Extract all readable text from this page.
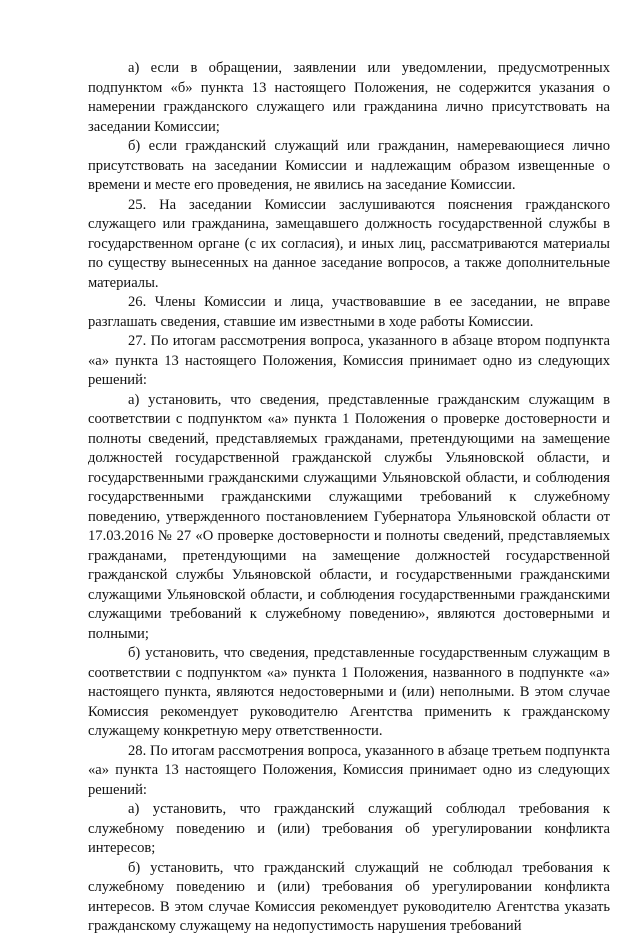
а) если в обращении, заявлении или уведомлении, предусмотренных подпунктом «б» пункта 13 настоящего Положения, не содержится указания о намерении гражданского служащего или гражданина лично присутствовать на заседании Комиссии;

б) если гражданский служащий или гражданин, намеревающиеся лично присутствовать на заседании Комиссии и надлежащим образом извещенные о времени и месте его проведения, не явились на заседание Комиссии.

25. На заседании Комиссии заслушиваются пояснения гражданского служащего или гражданина, замещавшего должность государственной службы в государственном органе (с их согласия), и иных лиц, рассматриваются материалы по существу вынесенных на данное заседание вопросов, а также дополнительные материалы.

26. Члены Комиссии и лица, участвовавшие в ее заседании, не вправе разглашать сведения, ставшие им известными в ходе работы Комиссии.

27. По итогам рассмотрения вопроса, указанного в абзаце втором подпункта «а» пункта 13 настоящего Положения, Комиссия принимает одно из следующих решений:

а) установить, что сведения, представленные гражданским служащим в соответствии с подпунктом «а» пункта 1 Положения о проверке достоверности и полноты сведений, представляемых гражданами, претендующими на замещение должностей государственной гражданской службы Ульяновской области, и государственными гражданскими служащими Ульяновской области, и соблюдения государственными гражданскими служащими требований к служебному поведению, утвержденного постановлением Губернатора Ульяновской области от 17.03.2016 № 27 «О проверке достоверности и полноты сведений, представляемых гражданами, претендующими на замещение должностей государственной гражданской службы Ульяновской области, и государственными гражданскими служащими Ульяновской области, и соблюдения государственными гражданскими служащими требований к служебному поведению», являются достоверными и полными;

б) установить, что сведения, представленные государственным служащим в соответствии с подпунктом «а» пункта 1 Положения, названного в подпункте «а» настоящего пункта, являются недостоверными и (или) неполными. В этом случае Комиссия рекомендует руководителю Агентства применить к гражданскому служащему конкретную меру ответственности.

28. По итогам рассмотрения вопроса, указанного в абзаце третьем подпункта «а» пункта 13 настоящего Положения, Комиссия принимает одно из следующих решений:

а) установить, что гражданский служащий соблюдал требования к служебному поведению и (или) требования об урегулировании конфликта интересов;

б) установить, что гражданский служащий не соблюдал требования к служебному поведению и (или) требования об урегулировании конфликта интересов. В этом случае Комиссия рекомендует руководителю Агентства указать гражданскому служащему на недопустимость нарушения требований
